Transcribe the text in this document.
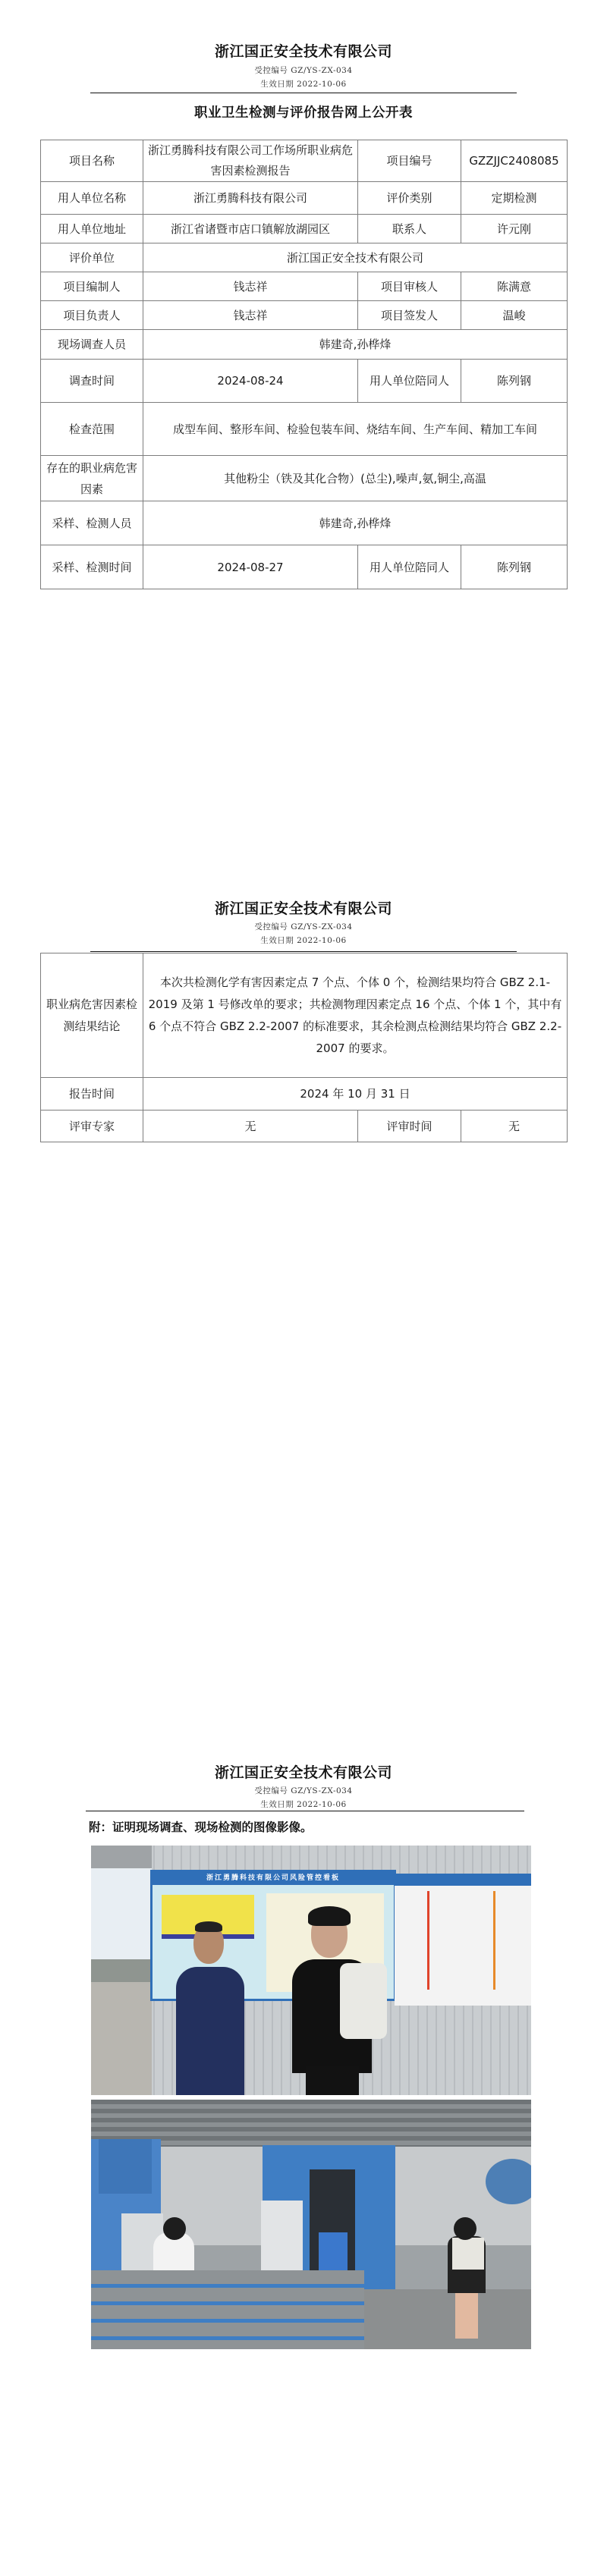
浙江国正安全技术有限公司
受控编号 GZ/YS-ZX-034
生效日期 2022-10-06
职业卫生检测与评价报告网上公开表
项目名称	浙江勇腾科技有限公司工作场所职业病危害因素检测报告	项目编号	GZZJJC2408085
用人单位名称	浙江勇腾科技有限公司	评价类别	定期检测
用人单位地址	浙江省诸暨市店口镇解放湖园区	联系人	许元刚
评价单位	浙江国正安全技术有限公司		
项目编制人	钱志祥	项目审核人	陈满意
项目负责人	钱志祥	项目签发人	温峻
现场调查人员	韩建奇,孙桦烽		
调查时间	2024-08-24	用人单位陪同人	陈列钢
检查范围	成型车间、整形车间、检验包装车间、烧结车间、生产车间、精加工车间		
存在的职业病危害因素	其他粉尘（铁及其化合物）(总尘),噪声,氨,铜尘,高温		
采样、检测人员	韩建奇,孙桦烽		
采样、检测时间	2024-08-27	用人单位陪同人	陈列钢
浙江国正安全技术有限公司
受控编号 GZ/YS-ZX-034
生效日期 2022-10-06
职业病危害因素检测结果结论	本次共检测化学有害因素定点 7 个点、个体 0 个，检测结果均符合 GBZ 2.1-2019 及第 1 号修改单的要求；共检测物理因素定点 16 个点、个体 1 个，其中有 6 个点不符合 GBZ 2.2-2007 的标准要求，其余检测点检测结果均符合 GBZ 2.2-2007 的要求。		
报告时间	2024 年 10 月 31 日		
评审专家	无	评审时间	无
浙江国正安全技术有限公司
受控编号 GZ/YS-ZX-034
生效日期 2022-10-06
附：证明现场调查、现场检测的图像影像。
浙江勇腾科技有限公司风险管控看板
